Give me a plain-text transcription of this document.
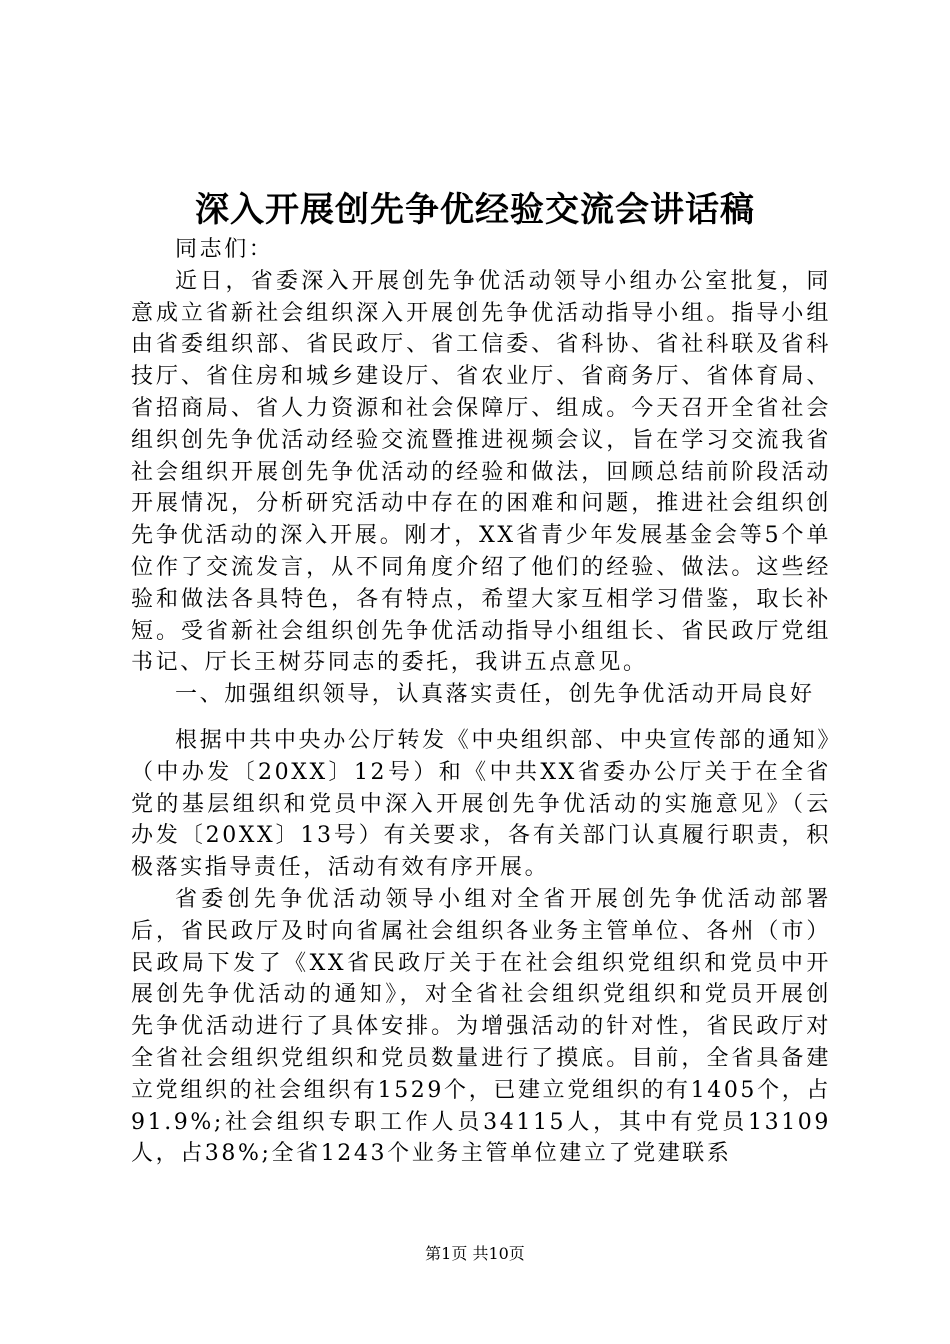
深入开展创先争优经验交流会讲话稿

同志们：

近日，省委深入开展创先争优活动领导小组办公室批复，同意成立省新社会组织深入开展创先争优活动指导小组。指导小组由省委组织部、省民政厅、省工信委、省科协、省社科联及省科技厅、省住房和城乡建设厅、省农业厅、省商务厅、省体育局、省招商局、省人力资源和社会保障厅、组成。今天召开全省社会组织创先争优活动经验交流暨推进视频会议，旨在学习交流我省社会组织开展创先争优活动的经验和做法，回顾总结前阶段活动开展情况，分析研究活动中存在的困难和问题，推进社会组织创先争优活动的深入开展。刚才，XX省青少年发展基金会等5个单位作了交流发言，从不同角度介绍了他们的经验、做法。这些经验和做法各具特色，各有特点，希望大家互相学习借鉴，取长补短。受省新社会组织创先争优活动指导小组组长、省民政厅党组书记、厅长王树芬同志的委托，我讲五点意见。

一、加强组织领导，认真落实责任，创先争优活动开局良好

根据中共中央办公厅转发《中央组织部、中央宣传部的通知》（中办发〔20XX〕12号）和《中共XX省委办公厅关于在全省党的基层组织和党员中深入开展创先争优活动的实施意见》（云办发〔20XX〕13号）有关要求，各有关部门认真履行职责，积极落实指导责任，活动有效有序开展。

省委创先争优活动领导小组对全省开展创先争优活动部署后，省民政厅及时向省属社会组织各业务主管单位、各州（市）民政局下发了《XX省民政厅关于在社会组织党组织和党员中开展创先争优活动的通知》，对全省社会组织党组织和党员开展创先争优活动进行了具体安排。为增强活动的针对性，省民政厅对全省社会组织党组织和党员数量进行了摸底。目前，全省具备建立党组织的社会组织有1529个，已建立党组织的有1405个，占91.9%;社会组织专职工作人员34115人，其中有党员13109人，占38%;全省1243个业务主管单位建立了党建联系

第1页 共10页
